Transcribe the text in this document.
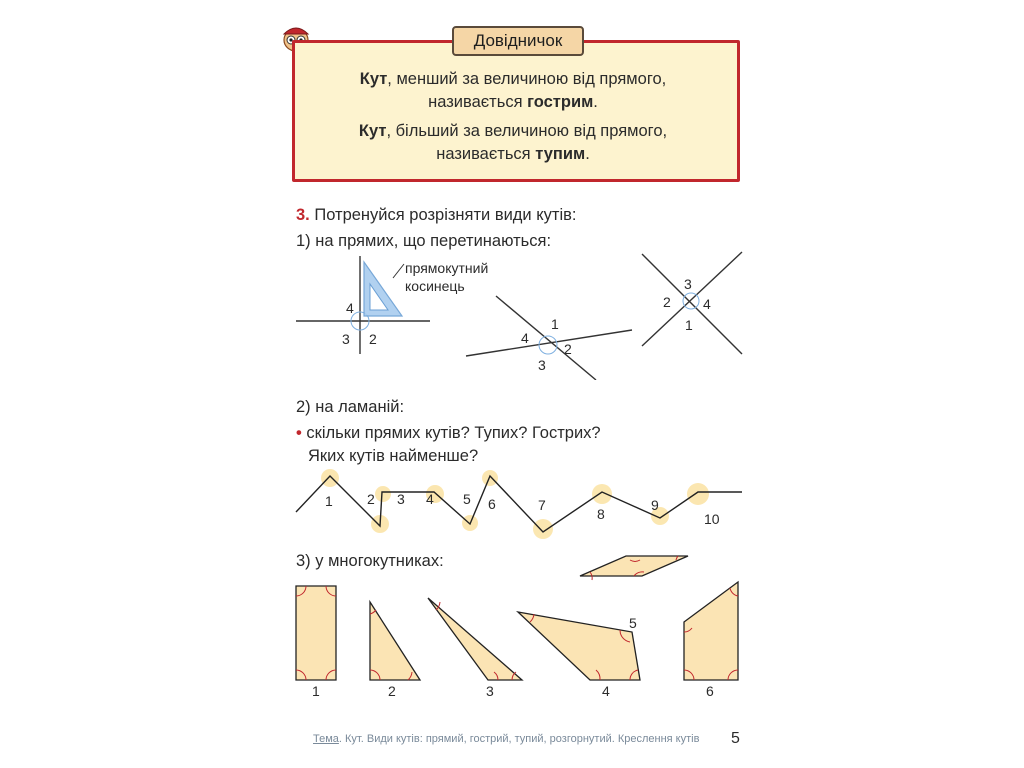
Довідничок
Кут, менший за величиною від прямого,
називається гострим.
Кут, більший за величиною від прямого,
називається тупим.
3. Потренуйся розрізняти види кутів:
1) на прямих, що перетинаються:
4
3 2
прямокутний
косинець
1
4
2
3
3
2 4
1
2) на ламаній:
• скільки прямих кутів? Тупих? Гострих?
Яких кутів найменше?
1 2 3 4 5 6	7
8
9
10
3) у многокутниках:
1	2	3	4
5
6
Тема. Кут. Види кутів: прямий, гострий, тупий, розгорнутий. Креслення кутів 5
